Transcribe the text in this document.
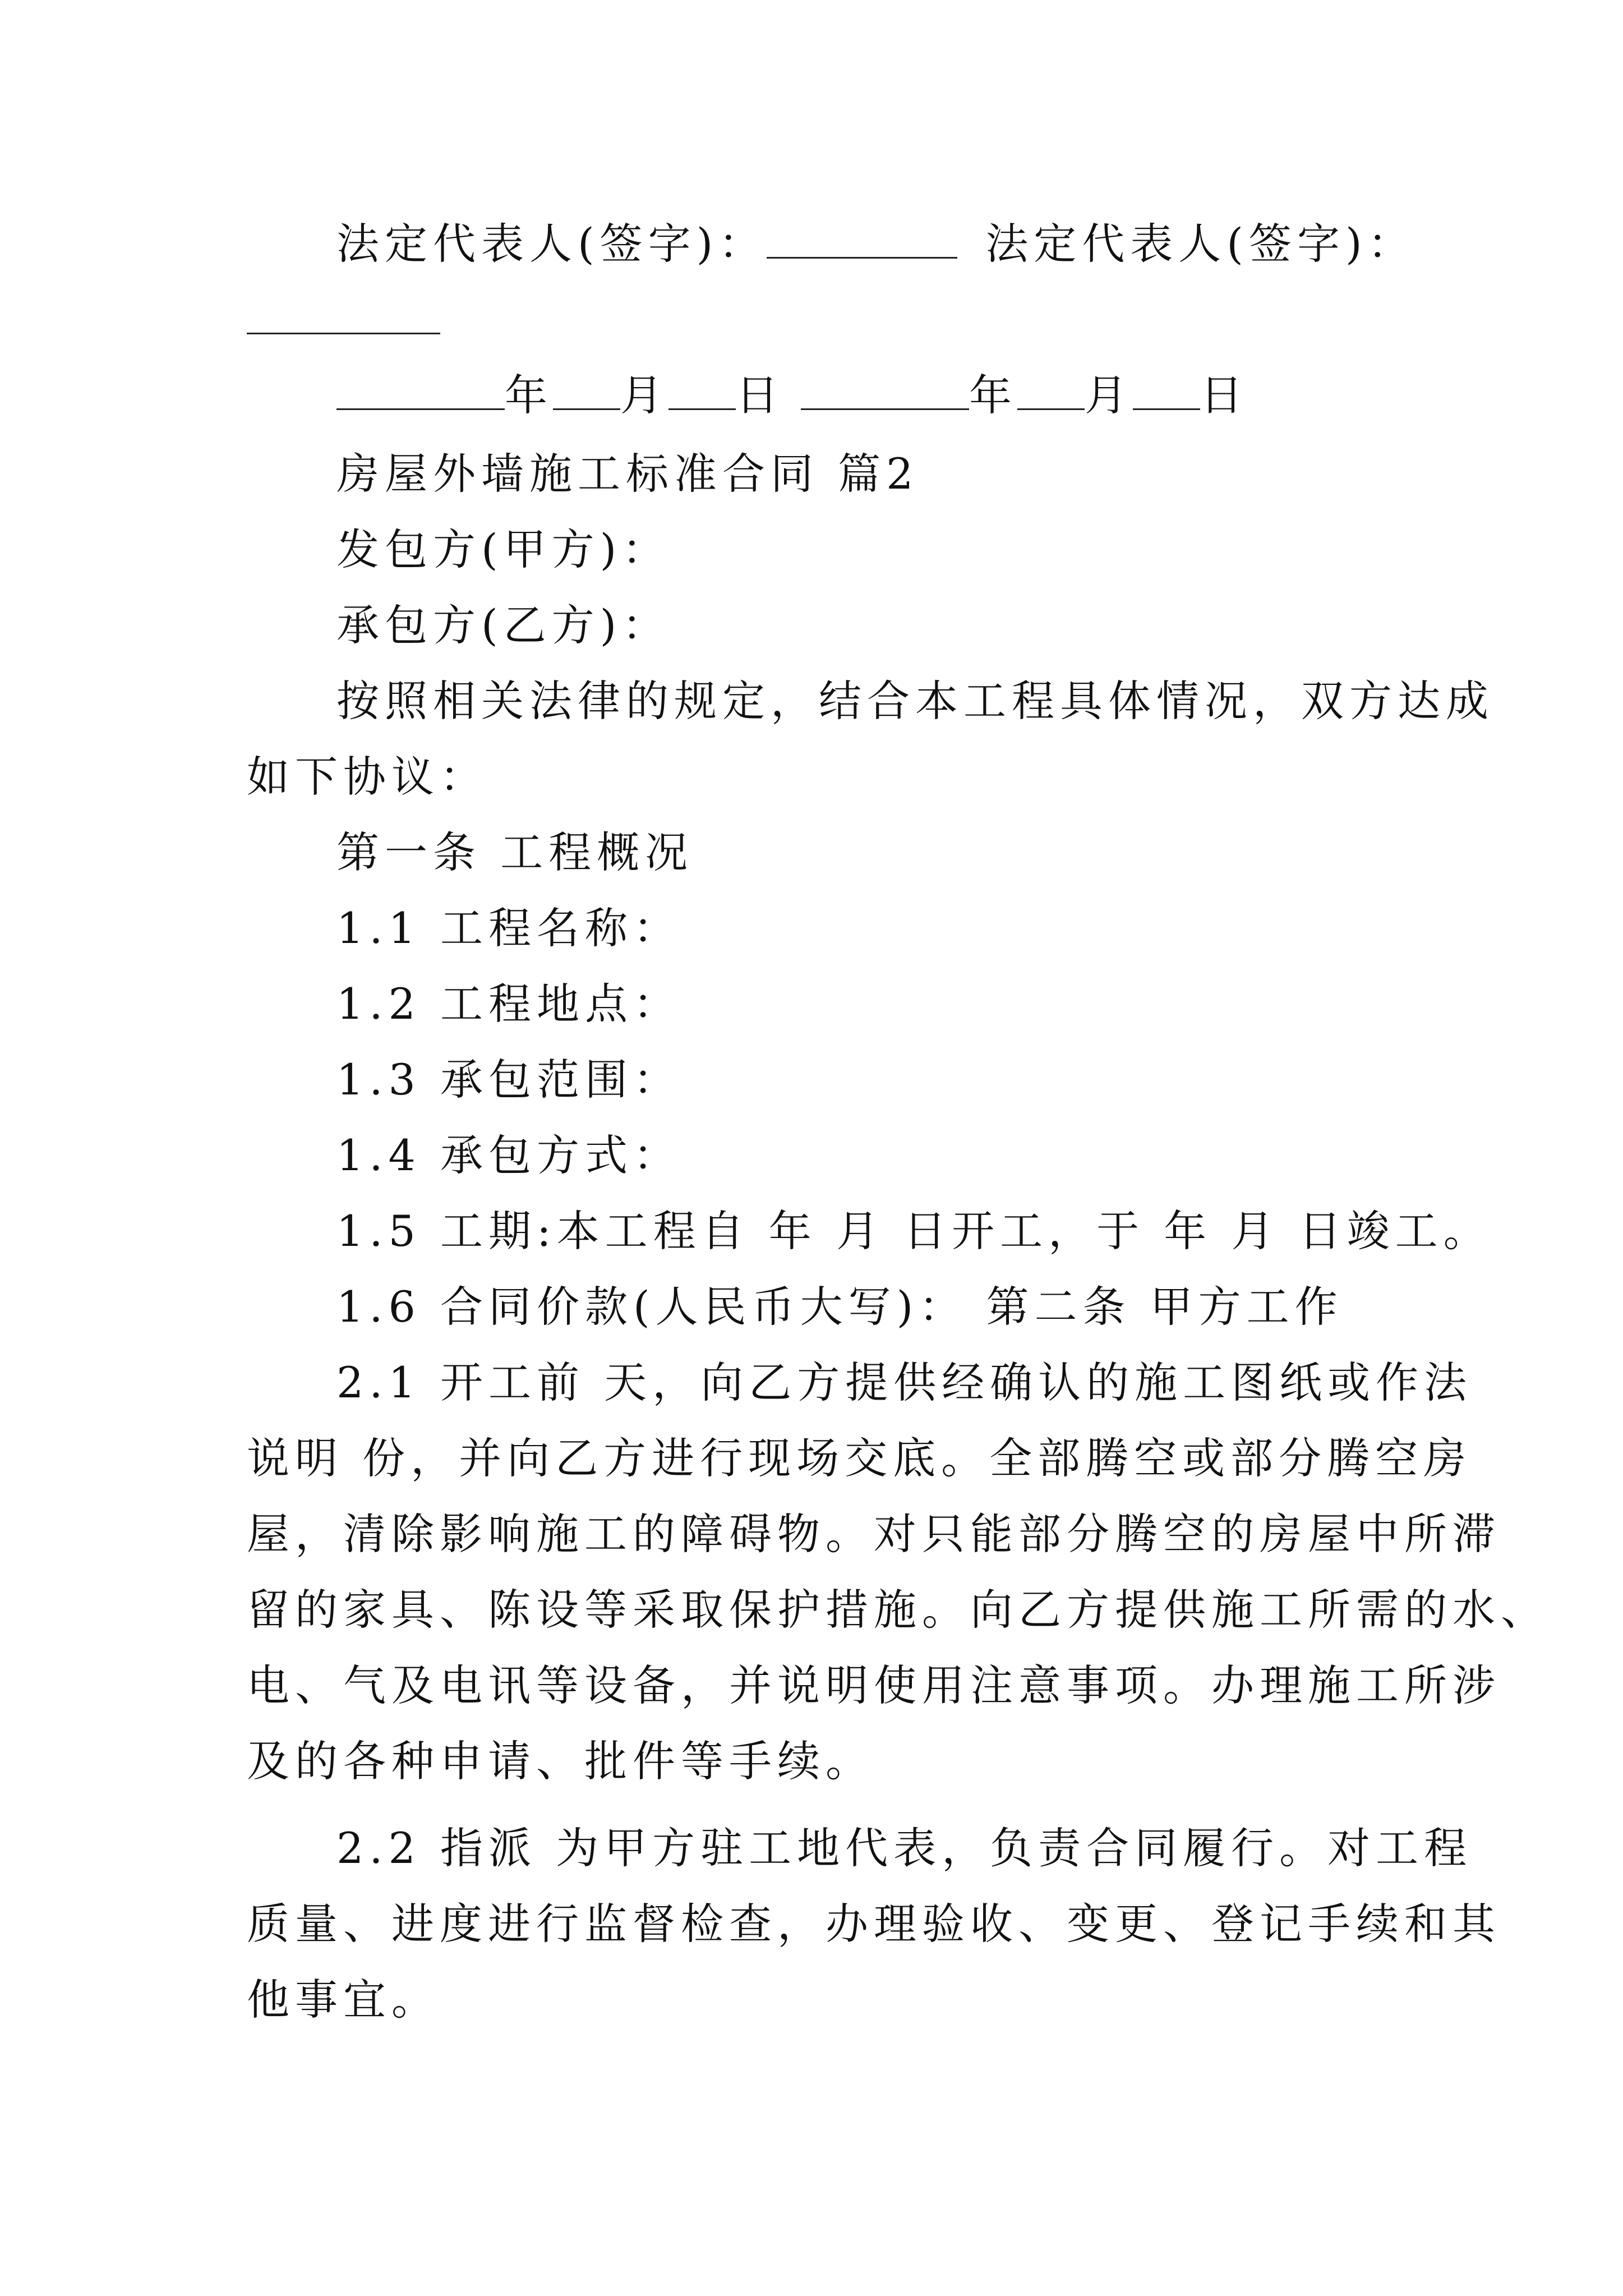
法定代表人(签字)：	法定代表人(签字)：
年 月 日	年 月 日
房屋外墙施工标准合同 篇2
发包方(甲方)：
承包方(乙方)：
按照相关法律的规定，结合本工程具体情况，双方达成
如下协议：
第一条 工程概况
1.1 工程名称：
1.2 工程地点：
1.3 承包范围：
1.4 承包方式：
1.5 工期:本工程自 年 月 日开工，于 年 月 日竣工。
1.6 合同价款(人民币大写)： 第二条 甲方工作
2.1 开工前 天，向乙方提供经确认的施工图纸或作法
说明 份，并向乙方进行现场交底。全部腾空或部分腾空房
屋，清除影响施工的障碍物。对只能部分腾空的房屋中所滞
留的家具、陈设等采取保护措施。向乙方提供施工所需的水、
电、气及电讯等设备，并说明使用注意事项。办理施工所涉
及的各种申请、批件等手续。
2.2 指派 为甲方驻工地代表，负责合同履行。对工程
质量、进度进行监督检查，办理验收、变更、登记手续和其
他事宜。
